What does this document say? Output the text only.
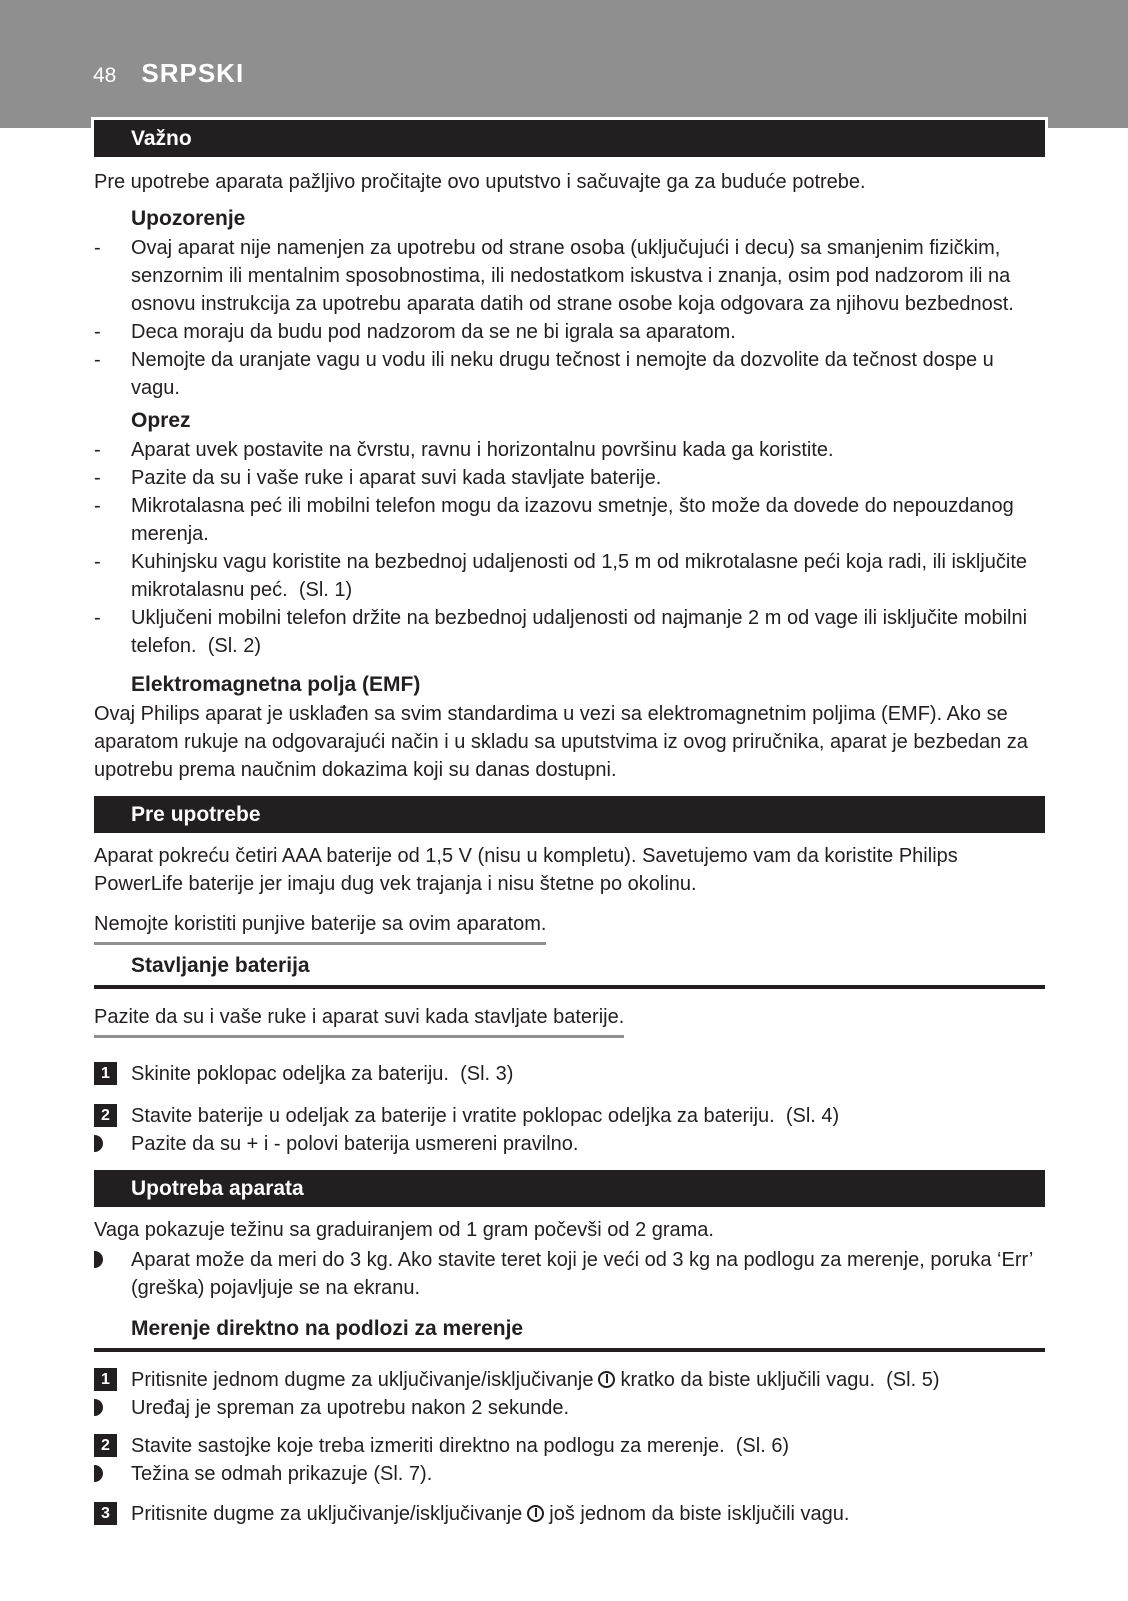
48 SRPSKI
Važno

Pre upotrebe aparata pažljivo pročitajte ovo uputstvo i sačuvajte ga za buduće potrebe.

Upozorenje
-
Ovaj aparat nije namenjen za upotrebu od strane osoba (uključujući i decu) sa smanjenim fizičkim, senzornim ili mentalnim sposobnostima, ili nedostatkom iskustva i znanja, osim pod nadzorom ili na osnovu instrukcija za upotrebu aparata datih od strane osobe koja odgovara za njihovu bezbednost.
-
Deca moraju da budu pod nadzorom da se ne bi igrala sa aparatom.
-
Nemojte da uranjate vagu u vodu ili neku drugu tečnost i nemojte da dozvolite da tečnost dospe u vagu.
Oprez
-
Aparat uvek postavite na čvrstu, ravnu i horizontalnu površinu kada ga koristite.
-
Pazite da su i vaše ruke i aparat suvi kada stavljate baterije.
-
Mikrotalasna peć ili mobilni telefon mogu da izazovu smetnje, što može da dovede do nepouzdanog merenja.
-
Kuhinjsku vagu koristite na bezbednoj udaljenosti od 1,5 m od mikrotalasne peći koja radi, ili isključite mikrotalasnu peć.  (Sl. 1)
-
Uključeni mobilni telefon držite na bezbednoj udaljenosti od najmanje 2 m od vage ili isključite mobilni telefon.  (Sl. 2)
Elektromagnetna polja (EMF)

Ovaj Philips aparat je usklađen sa svim standardima u vezi sa elektromagnetnim poljima (EMF). Ako se aparatom rukuje na odgovarajući način i u skladu sa uputstvima iz ovog priručnika, aparat je bezbedan za upotrebu prema naučnim dokazima koji su danas dostupni.

Pre upotrebe

Aparat pokreću četiri AAA baterije od 1,5 V (nisu u kompletu). Savetujemo vam da koristite Philips PowerLife baterije jer imaju dug vek trajanja i nisu štetne po okolinu.

Nemojte koristiti punjive baterije sa ovim aparatom.
Stavljanje baterija
Pazite da su i vaše ruke i aparat suvi kada stavljate baterije.
1	Skinite poklopac odeljka za bateriju.  (Sl. 3)
2	Stavite baterije u odeljak za baterije i vratite poklopac odeljka za bateriju.  (Sl. 4)
Pazite da su + i - polovi baterija usmereni pravilno.
Upotreba aparata

Vaga pokazuje težinu sa graduiranjem od 1 gram počevši od 2 grama.

Aparat može da meri do 3 kg. Ako stavite teret koji je veći od 3 kg na podlogu za merenje, poruka ‘Err’ (greška) pojavljuje se na ekranu.
Merenje direktno na podlozi za merenje
1	Pritisnite jednom dugme za uključivanje/isključivanje kratko da biste uključili vagu.  (Sl. 5)
Uređaj je spreman za upotrebu nakon 2 sekunde.
2	Stavite sastojke koje treba izmeriti direktno na podlogu za merenje.  (Sl. 6)
Težina se odmah prikazuje (Sl. 7).
3	Pritisnite dugme za uključivanje/isključivanje još jednom da biste isključili vagu.
